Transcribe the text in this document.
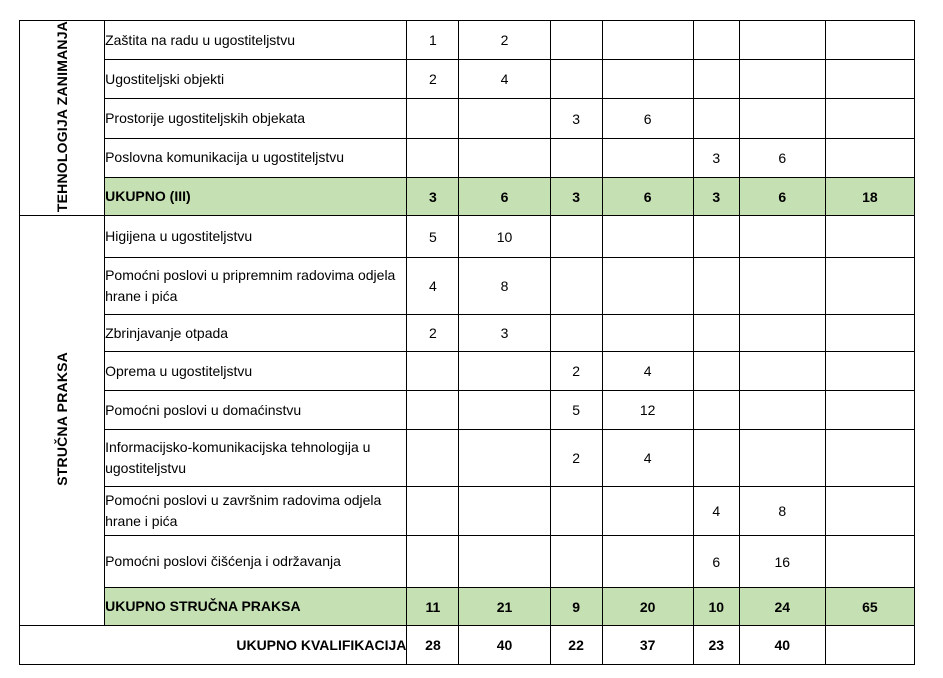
TEHNOLOGIJA ZANIMANJA	Zaštita na radu u ugostiteljstvu	1	2					
	Ugostiteljski objekti	2	4					
	Prostorije ugostiteljskih objekata			3	6			
	Poslovna komunikacija u ugostiteljstvu					3	6	
	UKUPNO (III)	3	6	3	6	3	6	18
STRUČNA PRAKSA	Higijena u ugostiteljstvu	5	10					
	Pomoćni poslovi u pripremnim radovima odjela hrane i pića	4	8					
	Zbrinjavanje otpada	2	3					
	Oprema u ugostiteljstvu			2	4			
	Pomoćni poslovi u domaćinstvu			5	12			
	Informacijsko-komunikacijska tehnologija u ugostiteljstvu			2	4			
	Pomoćni poslovi u završnim radovima odjela hrane i pića					4	8	
	Pomoćni poslovi čišćenja i održavanja					6	16	
	UKUPNO STRUČNA PRAKSA	11	21	9	20	10	24	65
UKUPNO KVALIFIKACIJA		28	40	22	37	23	40	
